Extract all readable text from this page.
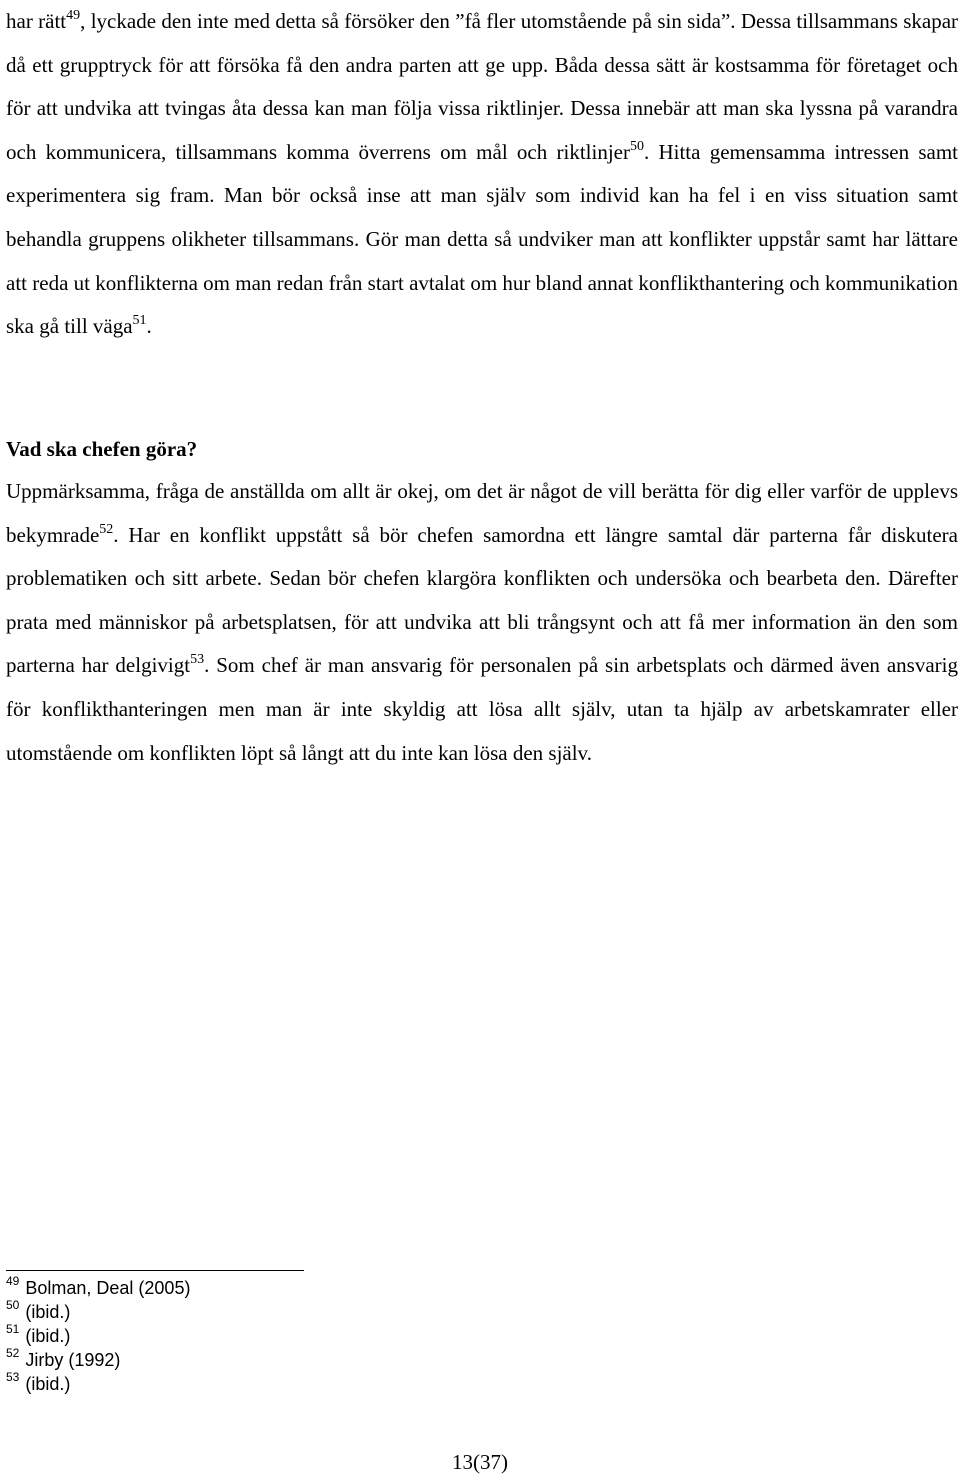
har rätt$^{49}$, lyckade den inte med detta så försöker den ”få fler utomstående på sin sida”. Dessa tillsammans skapar då ett grupptryck för att försöka få den andra parten att ge upp. Båda dessa sätt är kostsamma för företaget och för att undvika att tvingas åta dessa kan man följa vissa riktlinjer. Dessa innebär att man ska lyssna på varandra och kommunicera, tillsammans komma överrens om mål och riktlinjer$^{50}$. Hitta gemensamma intressen samt experimentera sig fram. Man bör också inse att man själv som individ kan ha fel i en viss situation samt behandla gruppens olikheter tillsammans. Gör man detta så undviker man att konflikter uppstår samt har lättare att reda ut konflikterna om man redan från start avtalat om hur bland annat konflikthantering och kommunikation ska gå till väga$^{51}$.

Vad ska chefen göra?

Uppmärksamma, fråga de anställda om allt är okej, om det är något de vill berätta för dig eller varför de upplevs bekymrade$^{52}$. Har en konflikt uppstått så bör chefen samordna ett längre samtal där parterna får diskutera problematiken och sitt arbete. Sedan bör chefen klargöra konflikten och undersöka och bearbeta den. Därefter prata med människor på arbetsplatsen, för att undvika att bli trångsynt och att få mer information än den som parterna har delgivigt$^{53}$. Som chef är man ansvarig för personalen på sin arbetsplats och därmed även ansvarig för konflikthanteringen men man är inte skyldig att lösa allt själv, utan ta hjälp av arbetskamrater eller utomstående om konflikten löpt så långt att du inte kan lösa den själv.

$^{49}$ Bolman, Deal (2005)
$^{50}$ (ibid.)
$^{51}$ (ibid.)
$^{52}$ Jirby (1992)
$^{53}$ (ibid.)
13(37)
